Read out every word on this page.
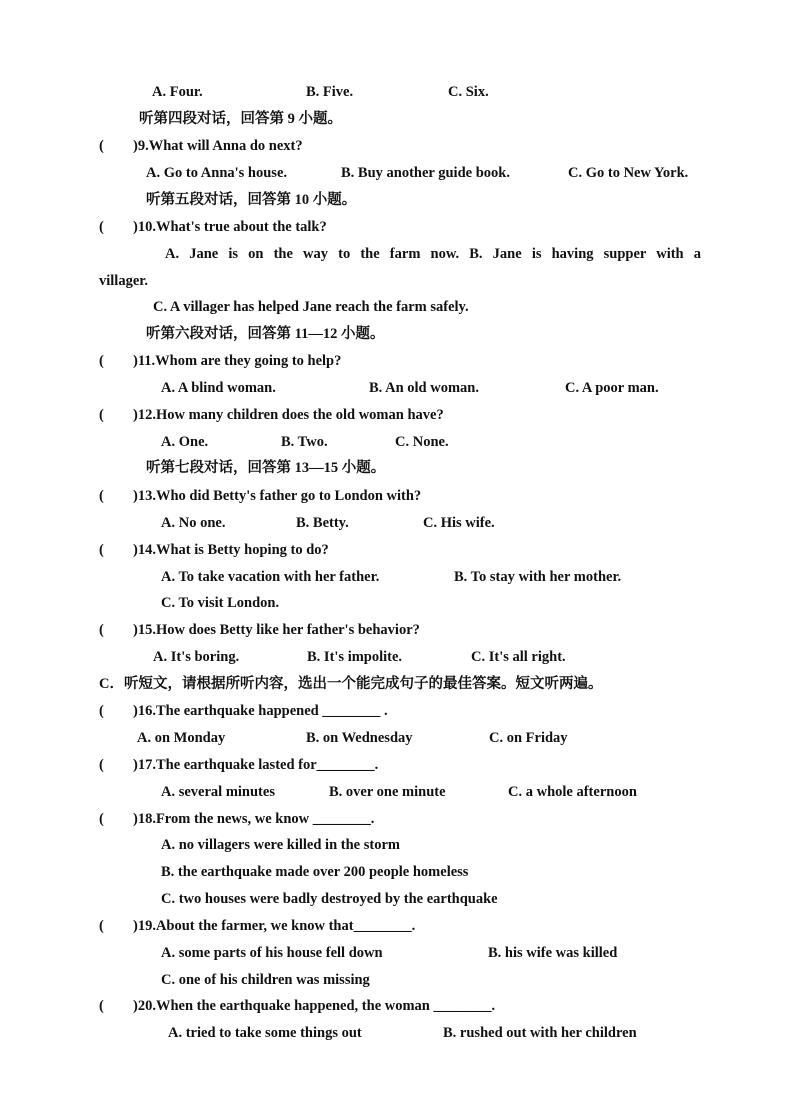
A. Four.	B. Five.	C. Six.
听第四段对话，回答第 9 小题。
( )9.What will Anna do next?
A. Go to Anna's house.	B. Buy another guide book.	C. Go to New York.
听第五段对话，回答第 10 小题。
( )10.What's true about the talk?
A. Jane is on the way to the farm now. B. Jane is having supper with a
villager.
C. A villager has helped Jane reach the farm safely.
听第六段对话，回答第 11—12 小题。
( )11.Whom are they going to help?
A. A blind woman.	B. An old woman.	C. A poor man.
( )12.How many children does the old woman have?
A. One.	B. Two.	C. None.
听第七段对话，回答第 13—15 小题。
( )13.Who did Betty's father go to London with?
A. No one.	B. Betty.	C. His wife.
( )14.What is Betty hoping to do?
A. To take vacation with her father.	B. To stay with her mother.
C. To visit London.
( )15.How does Betty like her father's behavior?
A. It's boring.	B. It's impolite.	C. It's all right.
C．听短文，请根据所听内容，选出一个能完成句子的最佳答案。短文听两遍。
( )16.The earthquake happened ________ .
A. on Monday	B. on Wednesday	C. on Friday
( )17.The earthquake lasted for________.
A. several minutes	B. over one minute	C. a whole afternoon
( )18.From the news, we know ________.
A. no villagers were killed in the storm
B. the earthquake made over 200 people homeless
C. two houses were badly destroyed by the earthquake
( )19.About the farmer, we know that________.
A. some parts of his house fell down	B. his wife was killed
C. one of his children was missing
( )20.When the earthquake happened, the woman ________.
A. tried to take some things out	B. rushed out with her children
